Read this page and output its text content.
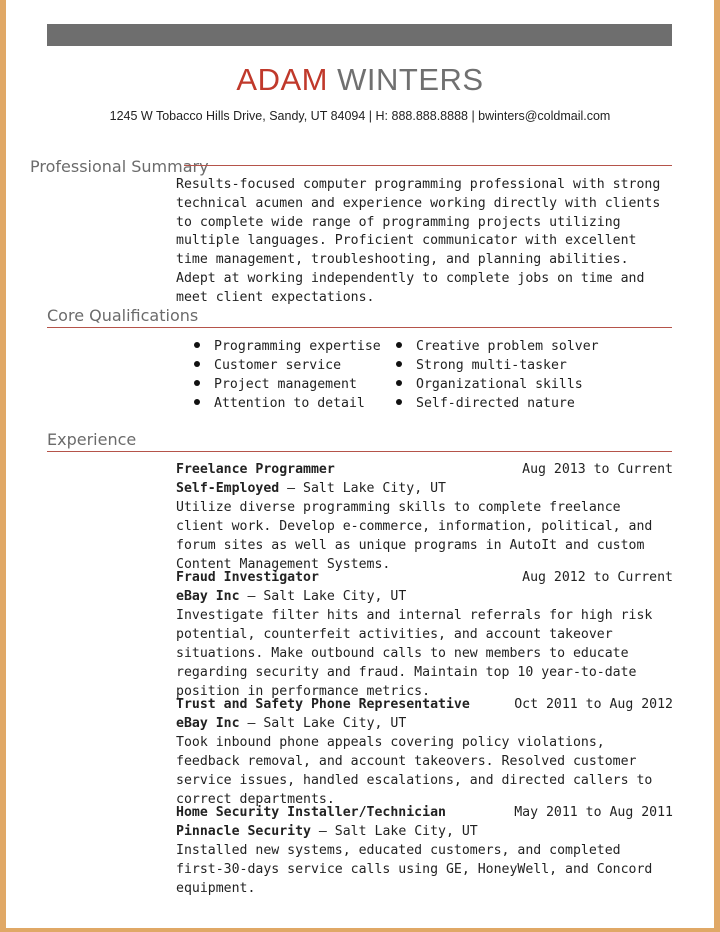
ADAM WINTERS
1245 W Tobacco Hills Drive, Sandy, UT 84094 | H: 888.888.8888 | bwinters@coldmail.com
Professional Summary
Results-focused computer programming professional with strong technical acumen and experience working directly with clients to complete wide range of programming projects utilizing multiple languages. Proficient communicator with excellent time management, troubleshooting, and planning abilities. Adept at working independently to complete jobs on time and meet client expectations.
Core Qualifications
Programming expertise
Customer service
Project management
Attention to detail
Creative problem solver
Strong multi-tasker
Organizational skills
Self-directed nature
Experience
Freelance Programmer	Aug 2013 to Current
Self-Employed — Salt Lake City, UT
Utilize diverse programming skills to complete freelance client work. Develop e-commerce, information, political, and forum sites as well as unique programs in AutoIt and custom Content Management Systems.
Fraud Investigator	Aug 2012 to Current
eBay Inc — Salt Lake City, UT
Investigate filter hits and internal referrals for high risk potential, counterfeit activities, and account takeover situations. Make outbound calls to new members to educate regarding security and fraud. Maintain top 10 year-to-date position in performance metrics.
Trust and Safety Phone Representative	Oct 2011 to Aug 2012
eBay Inc — Salt Lake City, UT
Took inbound phone appeals covering policy violations, feedback removal, and account takeovers. Resolved customer service issues, handled escalations, and directed callers to correct departments.
Home Security Installer/Technician	May 2011 to Aug 2011
Pinnacle Security — Salt Lake City, UT
Installed new systems, educated customers, and completed first-30-days service calls using GE, HoneyWell, and Concord equipment.
